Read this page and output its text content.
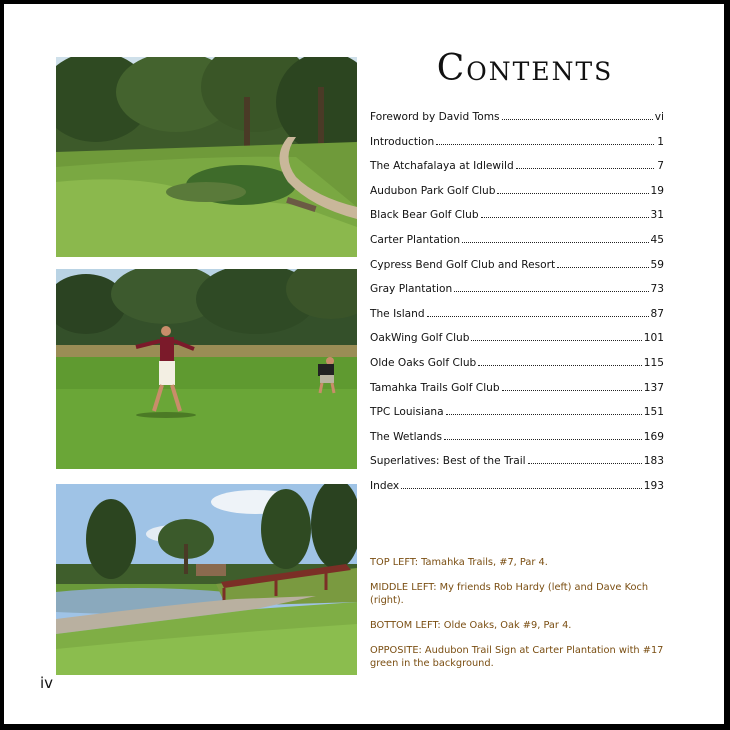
Contents
Foreword by David Toms	vi
Introduction	1
The Atchafalaya at Idlewild	7
Audubon Park Golf Club	19
Black Bear Golf Club	31
Carter Plantation	45
Cypress Bend Golf Club and Resort	59
Gray Plantation	73
The Island	87
OakWing Golf Club	101
Olde Oaks Golf Club	115
Tamahka Trails Golf Club	137
TPC Louisiana	151
The Wetlands	169
Superlatives: Best of the Trail	183
Index	193

TOP LEFT: Tamahka Trails, #7, Par 4.

MIDDLE LEFT: My friends Rob Hardy (left) and Dave Koch (right).

BOTTOM LEFT: Olde Oaks, Oak #9, Par 4.

OPPOSITE: Audubon Trail Sign at Carter Plantation with #17 green in the background.

iv
